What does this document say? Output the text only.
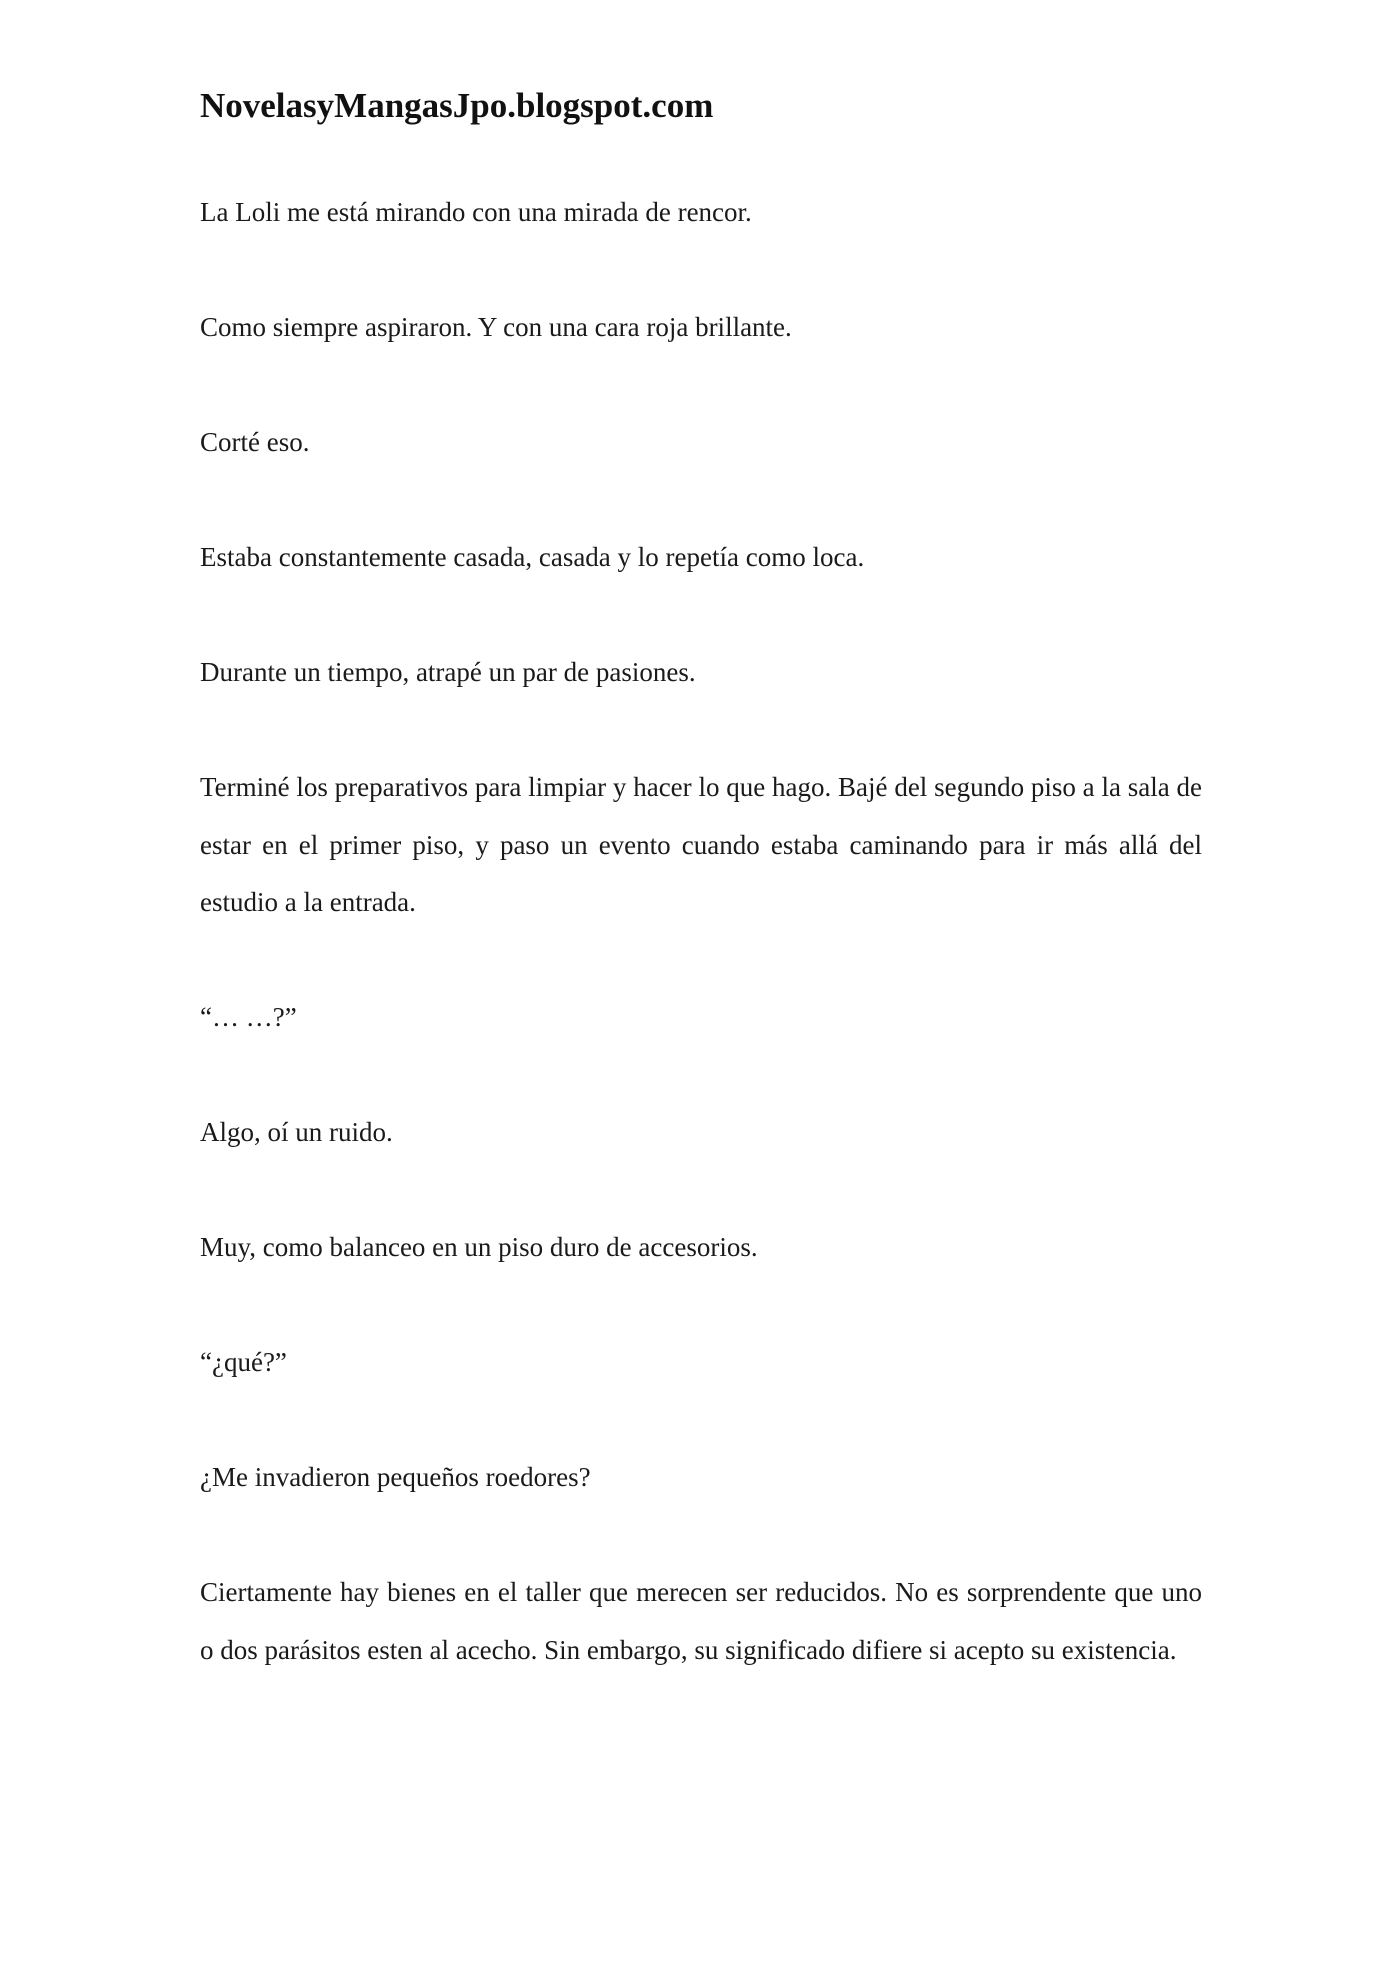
NovelasyMangasJpo.blogspot.com

La Loli me está mirando con una mirada de rencor.

Como siempre aspiraron. Y con una cara roja brillante.

Corté eso.

Estaba constantemente casada, casada y lo repetía como loca.

Durante un tiempo, atrapé un par de pasiones.

Terminé los preparativos para limpiar y hacer lo que hago. Bajé del segundo piso a la sala de estar en el primer piso, y paso un evento cuando estaba caminando para ir más allá del estudio a la entrada.

“… …?”

Algo, oí un ruido.

Muy, como balanceo en un piso duro de accesorios.

“¿qué?”

¿Me invadieron pequeños roedores?

Ciertamente hay bienes en el taller que merecen ser reducidos. No es sorprendente que uno o dos parásitos esten al acecho. Sin embargo, su significado difiere si acepto su existencia.
